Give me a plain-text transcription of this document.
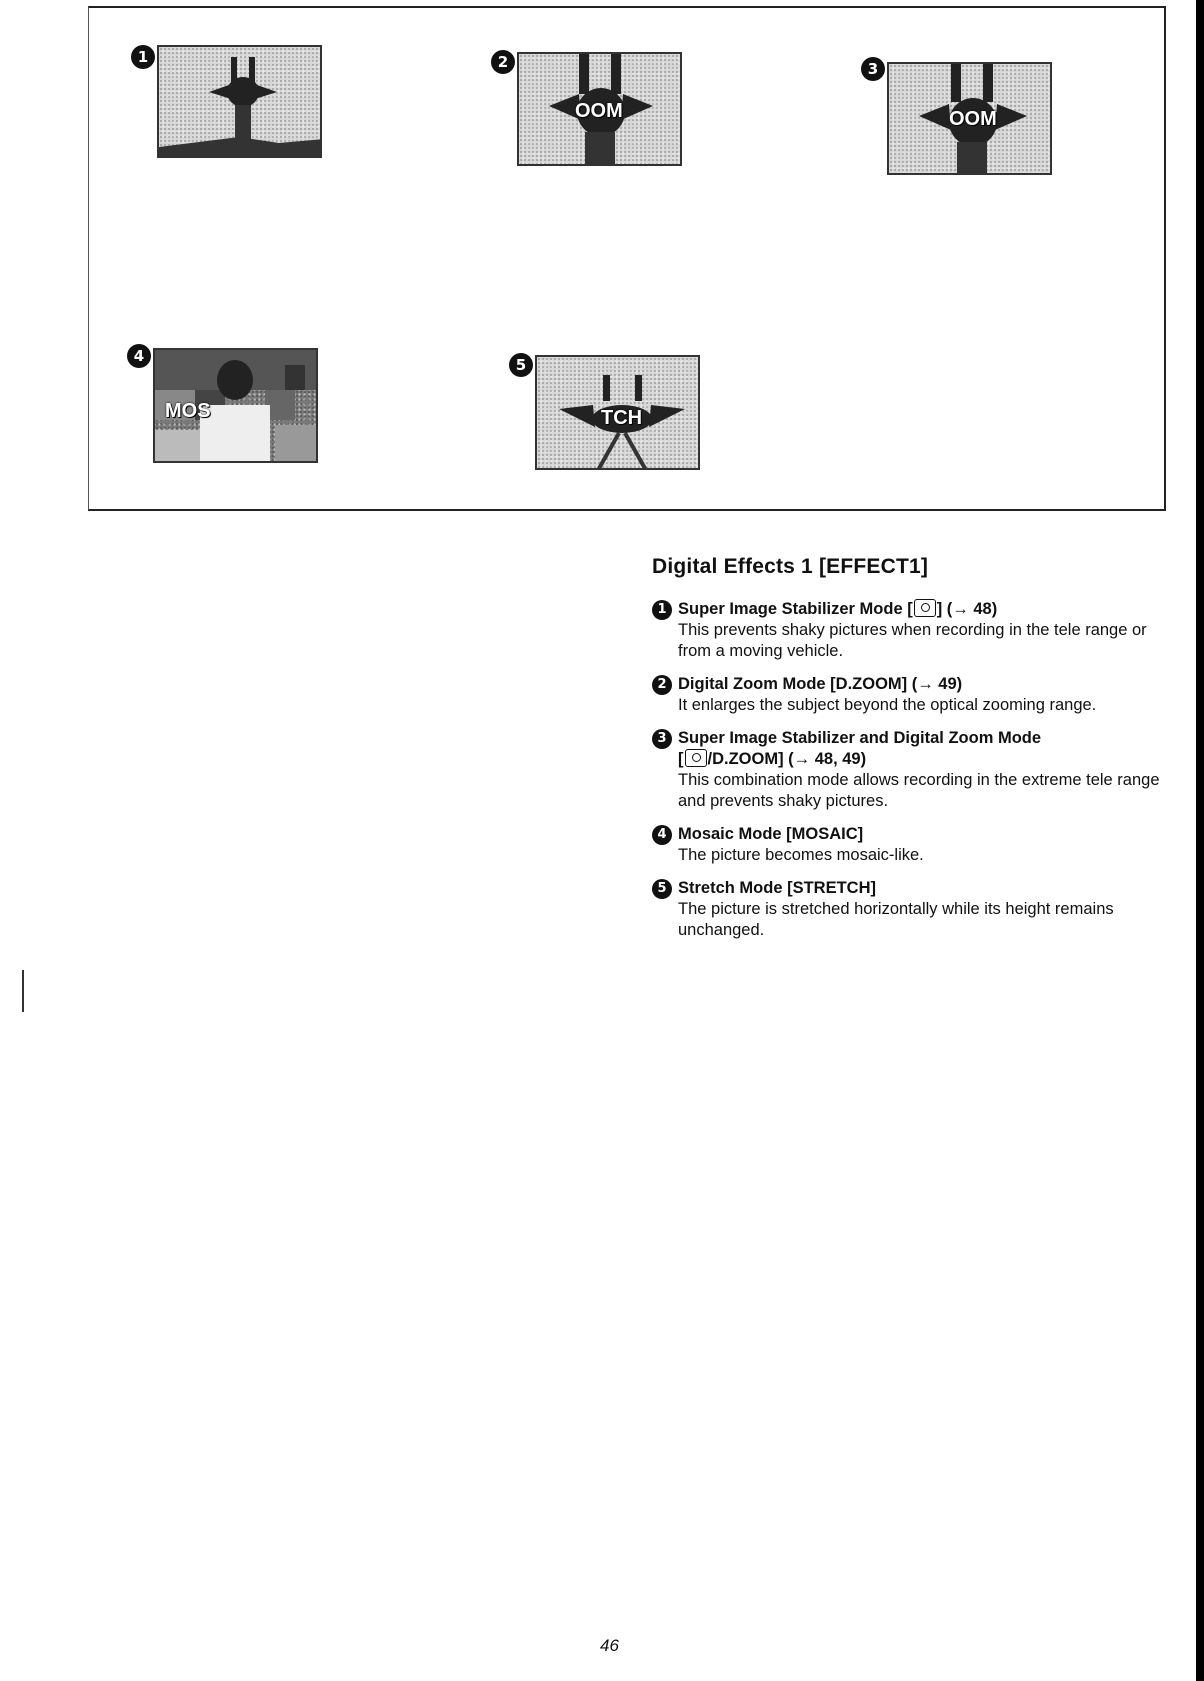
1	2
OOM
3
OOM
4
MOS
5
TCH
Digital Effects 1 [EFFECT1]
1 Super Image Stabilizer Mode [ ] (→ 48)
This prevents shaky pictures when recording in the tele range or from a moving vehicle.
2 Digital Zoom Mode [D.ZOOM] (→ 49)
It enlarges the subject beyond the optical zooming range.
3 Super Image Stabilizer and Digital Zoom Mode
[ /D.ZOOM] (→ 48, 49)
This combination mode allows recording in the extreme tele range and prevents shaky pictures.
4 Mosaic Mode [MOSAIC]
The picture becomes mosaic-like.
5 Stretch Mode [STRETCH]
The picture is stretched horizontally while its height remains unchanged.
46
